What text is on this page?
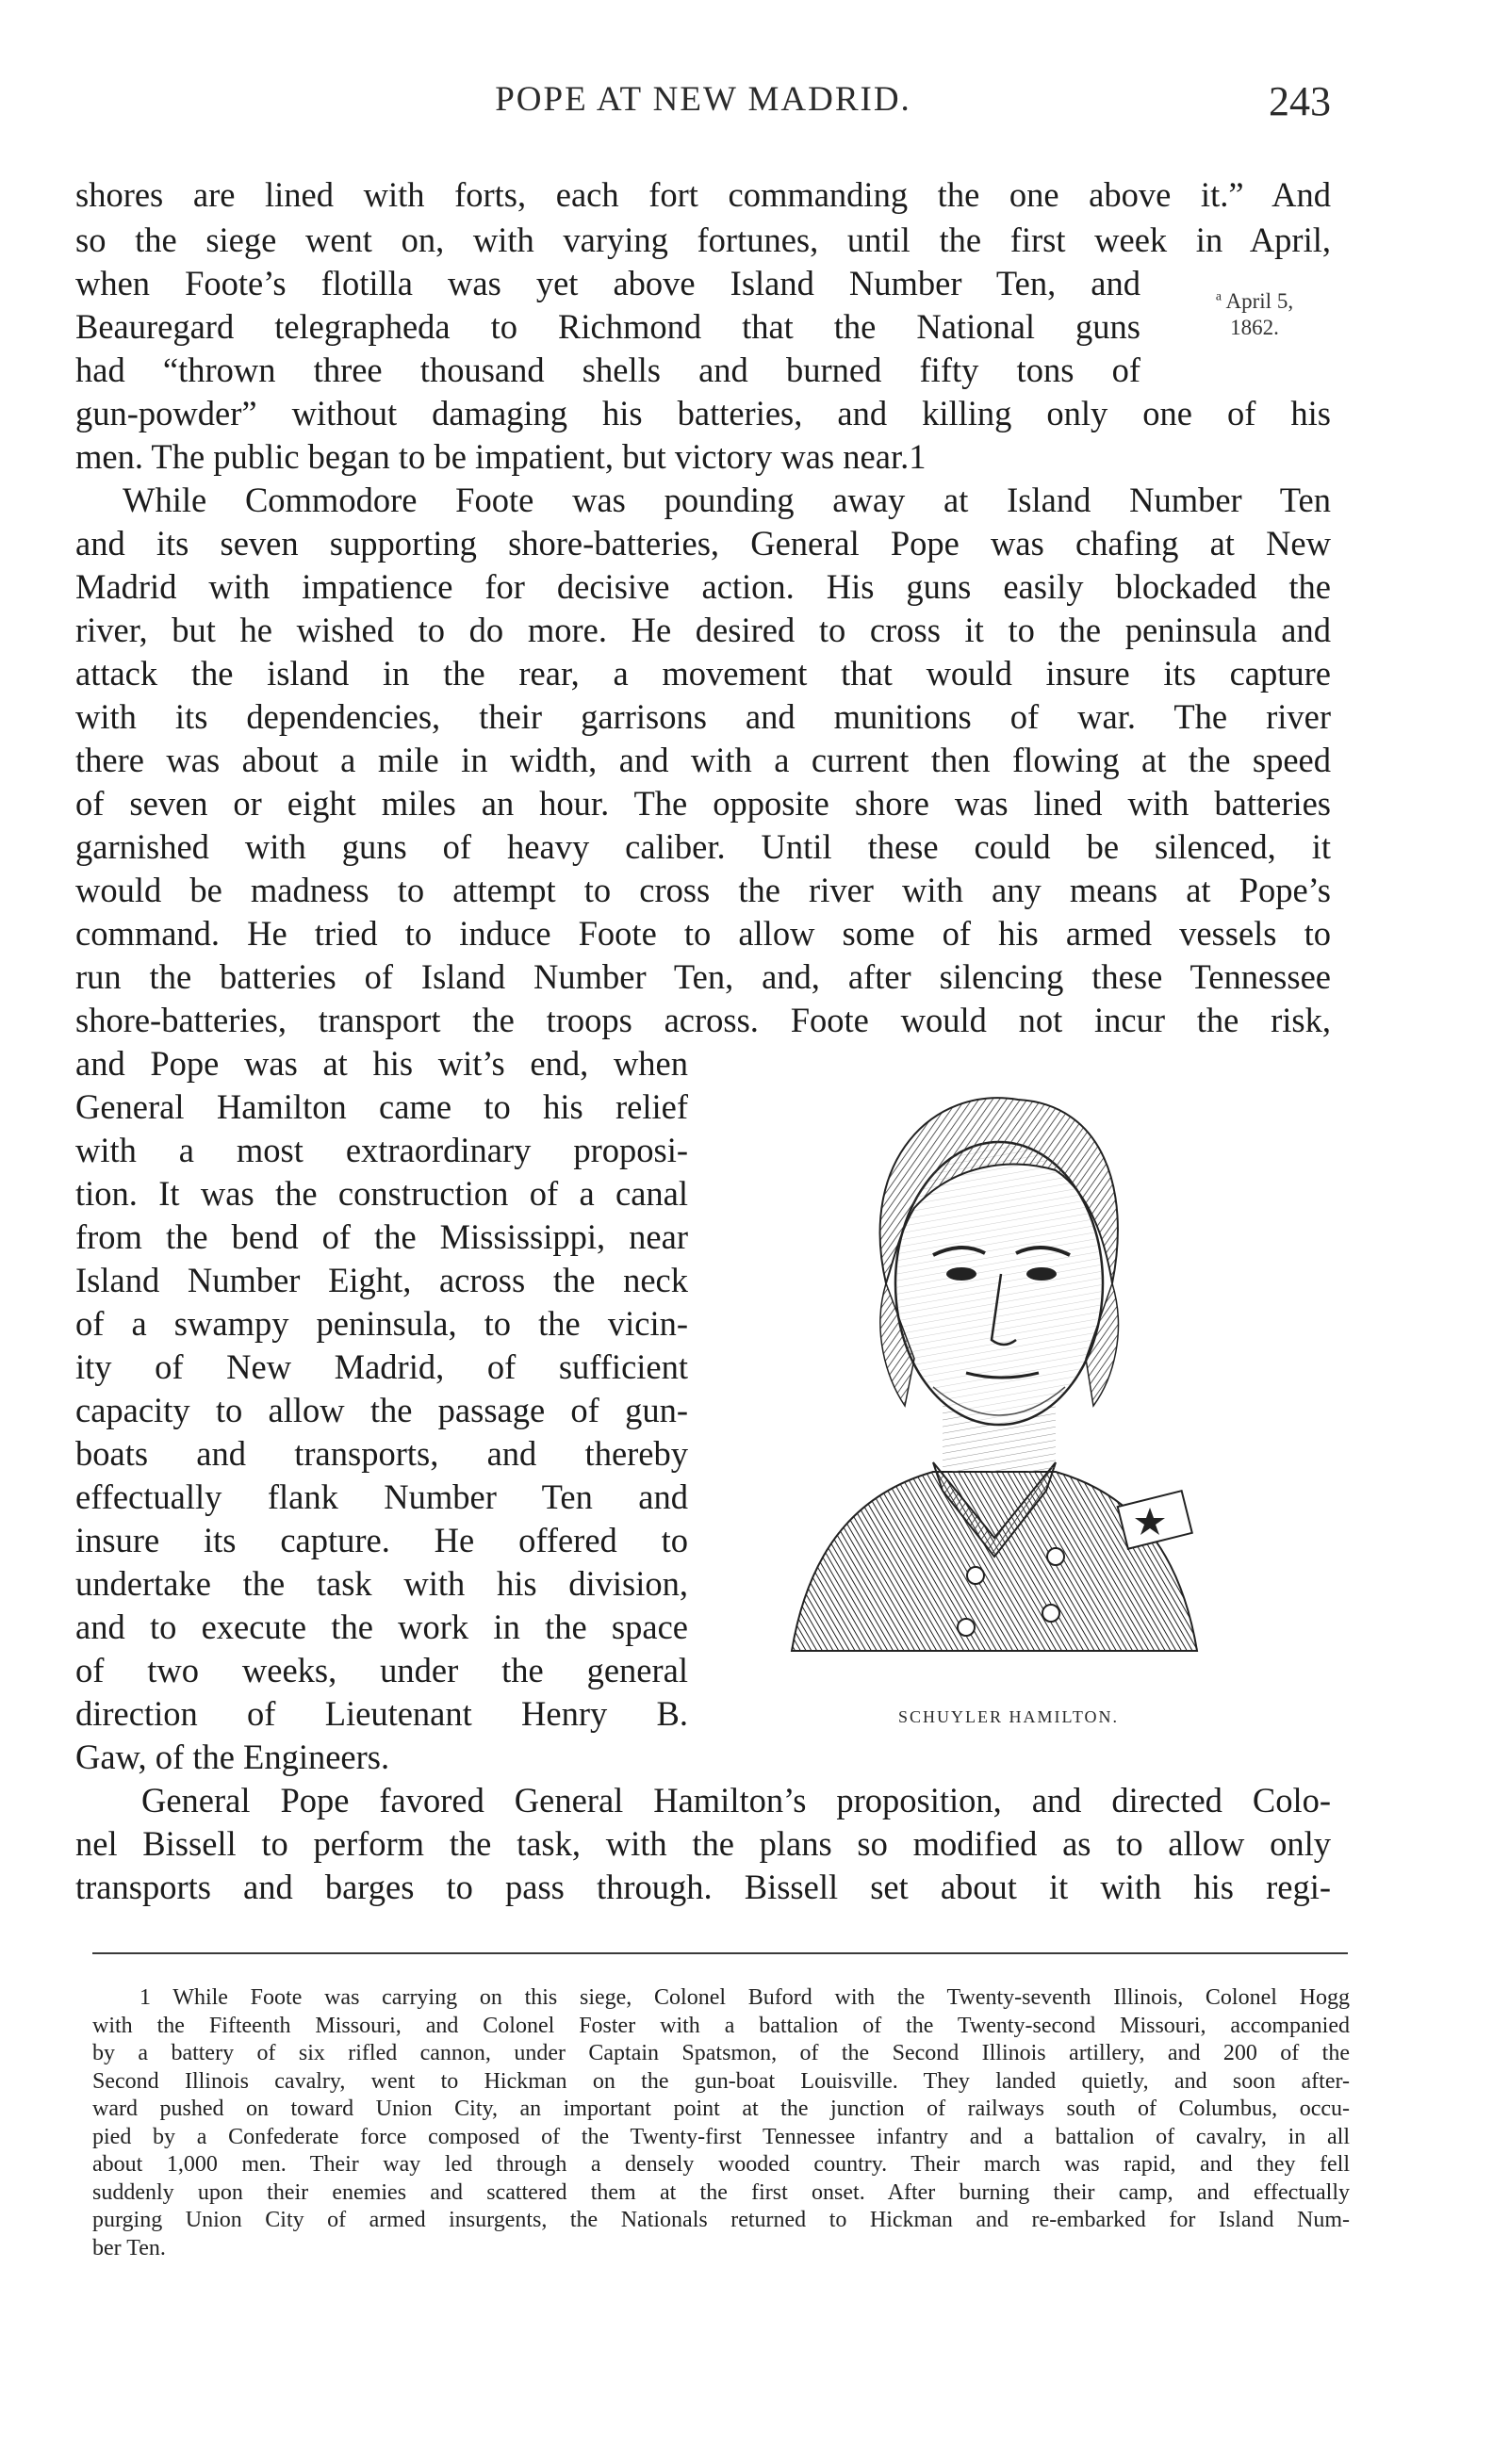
POPE AT NEW MADRID.	243
$^a$ April 5,
1862.
shores are lined with forts, each fort commanding the one above it.” And
so the siege went on, with varying fortunes, until the first week in April,
when Foote’s flotilla was yet above Island Number Ten, and
Beauregard telegrapheda to Richmond that the National guns
had “thrown three thousand shells and burned fifty tons of
gun-powder” without damaging his batteries, and killing only one of his
men. The public began to be impatient, but victory was near.1
While Commodore Foote was pounding away at Island Number Ten
and its seven supporting shore-batteries, General Pope was chafing at New
Madrid with impatience for decisive action. His guns easily blockaded the
river, but he wished to do more. He desired to cross it to the peninsula and
attack the island in the rear, a movement that would insure its capture
with its dependencies, their garrisons and munitions of war. The river
there was about a mile in width, and with a current then flowing at the speed
of seven or eight miles an hour. The opposite shore was lined with batteries
garnished with guns of heavy caliber. Until these could be silenced, it
would be madness to attempt to cross the river with any means at Pope’s
command. He tried to induce Foote to allow some of his armed vessels to
run the batteries of Island Number Ten, and, after silencing these Tennessee
shore-batteries, transport the troops across. Foote would not incur the risk,
and Pope was at his wit’s end, when
General Hamilton came to his relief
with a most extraordinary proposi-
tion. It was the construction of a canal
from the bend of the Mississippi, near
Island Number Eight, across the neck
of a swampy peninsula, to the vicin-
ity of New Madrid, of sufficient
capacity to allow the passage of gun-
boats and transports, and thereby
effectually flank Number Ten and
insure its capture. He offered to
undertake the task with his division,
and to execute the work in the space
of two weeks, under the general
direction of Lieutenant Henry B.
Gaw, of the Engineers.
General Pope favored General Hamilton’s proposition, and directed Colo-
nel Bissell to perform the task, with the plans so modified as to allow only
transports and barges to pass through. Bissell set about it with his regi-
SCHUYLER HAMILTON.
1 While Foote was carrying on this siege, Colonel Buford with the Twenty-seventh Illinois, Colonel Hogg
with the Fifteenth Missouri, and Colonel Foster with a battalion of the Twenty-second Missouri, accompanied
by a battery of six rifled cannon, under Captain Spatsmon, of the Second Illinois artillery, and 200 of the
Second Illinois cavalry, went to Hickman on the gun-boat Louisville. They landed quietly, and soon after-
ward pushed on toward Union City, an important point at the junction of railways south of Columbus, occu-
pied by a Confederate force composed of the Twenty-first Tennessee infantry and a battalion of cavalry, in all
about 1,000 men. Their way led through a densely wooded country. Their march was rapid, and they fell
suddenly upon their enemies and scattered them at the first onset. After burning their camp, and effectually
purging Union City of armed insurgents, the Nationals returned to Hickman and re-embarked for Island Num-
ber Ten.
